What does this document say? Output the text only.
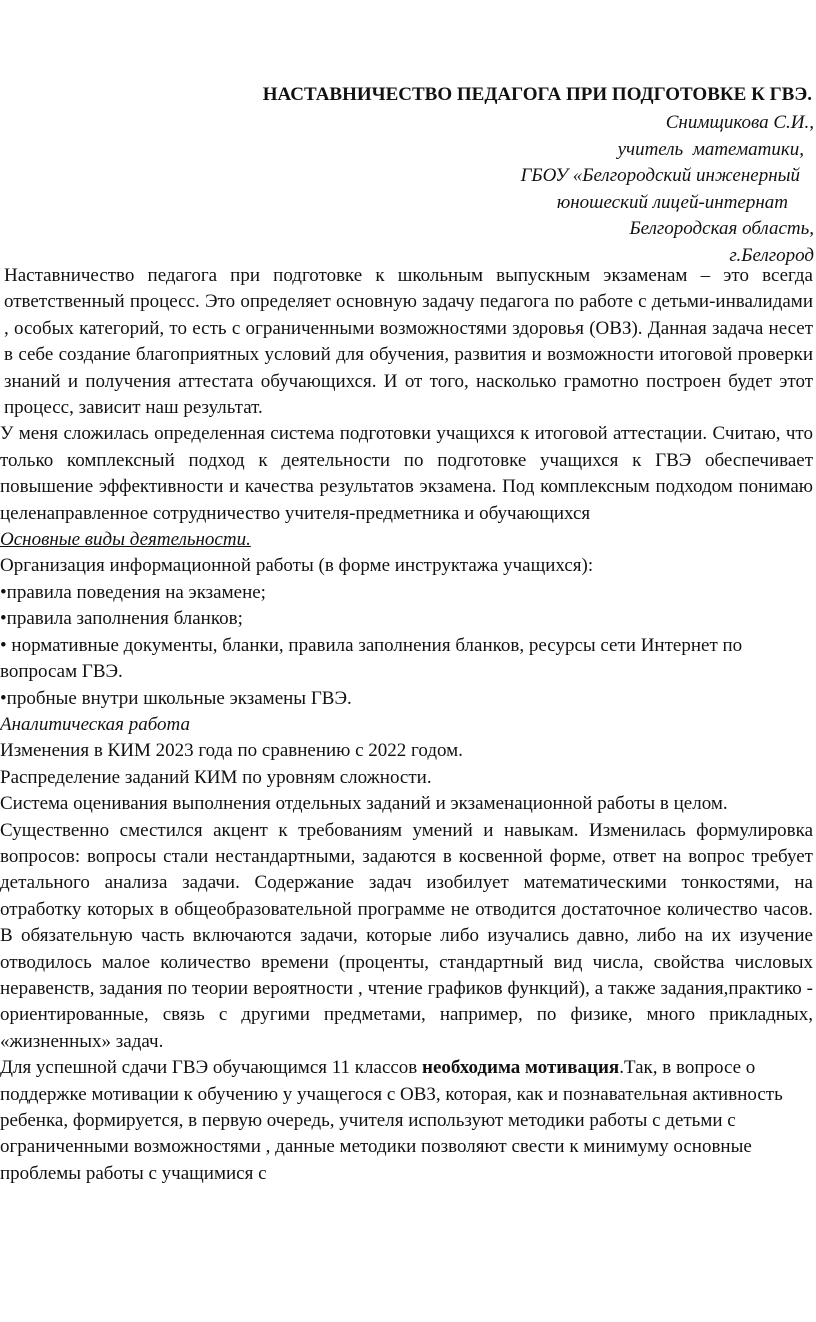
НАСТАВНИЧЕСТВО ПЕДАГОГА ПРИ ПОДГОТОВКЕ К ГВЭ.
Снимщикова С.И.,
учитель  математики,
ГБОУ «Белгородский инженерный
юношеский лицей-интернат
Белгородская область,
г.Белгород

Наставничество педагога при подготовке к школьным выпускным экзаменам – это всегда ответственный процесс. Это определяет основную задачу педагога по работе с детьми-инвалидами , особых категорий, то есть с ограниченными возможностями здоровья (ОВЗ). Данная задача несет в себе создание благоприятных условий для обучения, развития и возможности итоговой проверки знаний и получения аттестата обучающихся. И от того, насколько грамотно построен будет этот процесс, зависит наш результат.

У меня сложилась определенная система подготовки учащихся к итоговой аттестации. Считаю, что только комплексный подход к деятельности по подготовке учащихся к ГВЭ обеспечивает повышение эффективности и качества результатов экзамена. Под комплексным подходом понимаю целенаправленное сотрудничество учителя-предметника и обучающихся

Основные виды деятельности.

Организация информационной работы (в форме инструктажа учащихся):

•правила поведения на экзамене;

•правила заполнения бланков;

• нормативные документы, бланки, правила заполнения бланков, ресурсы сети Интернет по вопросам ГВЭ.

•пробные внутри школьные экзамены ГВЭ.

Аналитическая работа

Изменения в КИМ 2023 года по сравнению с 2022 годом.

Распределение заданий КИМ по уровням сложности.

Система оценивания выполнения отдельных заданий и экзаменационной работы в целом.

Существенно сместился акцент к требованиям умений и навыкам. Изменилась формулировка вопросов: вопросы стали нестандартными, задаются в косвенной форме, ответ на вопрос требует детального анализа задачи. Содержание задач изобилует математическими тонкостями, на отработку которых в общеобразовательной программе не отводится достаточное количество часов. В обязательную часть включаются задачи, которые либо изучались давно, либо на их изучение отводилось малое количество времени (проценты, стандартный вид числа, свойства числовых неравенств, задания по теории вероятности , чтение графиков функций), а также задания,практико - ориентированные, связь с другими предметами, например, по физике, много прикладных, «жизненных» задач.

Для успешной сдачи ГВЭ обучающимся 11 классов необходима мотивация.Так, в вопросе о поддержке мотивации к обучению у учащегося с ОВЗ, которая, как и познавательная активность ребенка, формируется, в первую очередь, учителя используют методики работы с детьми с ограниченными возможностями , данные методики позволяют свести к минимуму основные проблемы работы с учащимися с
